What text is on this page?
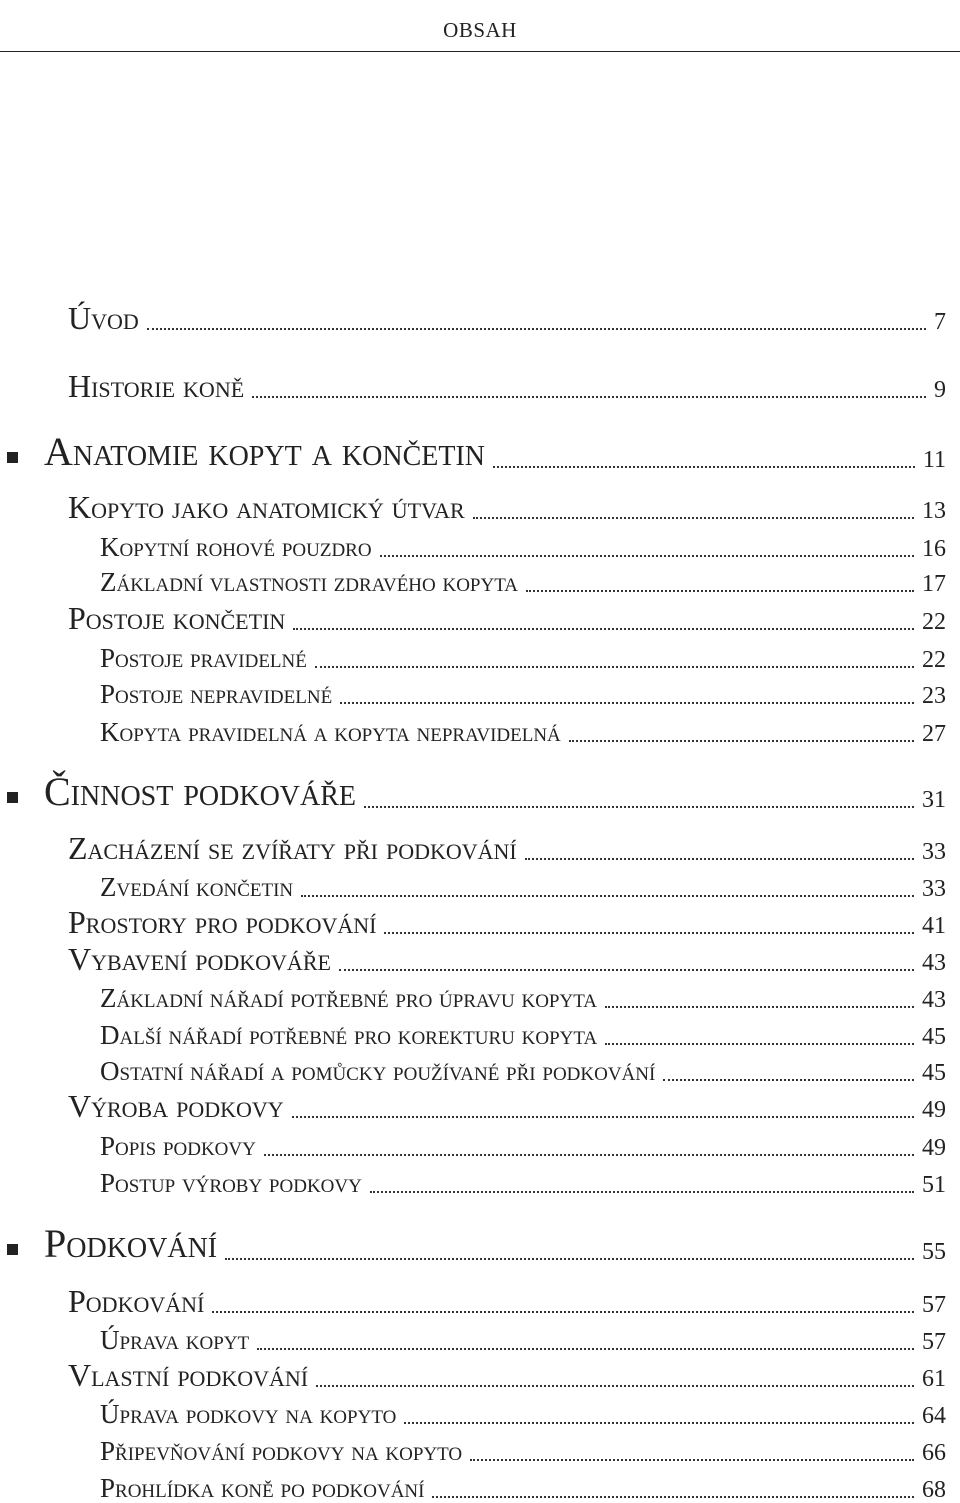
OBSAH
Úvod	7
Historie koně	9
Anatomie kopyt a končetin	11
Kopyto jako anatomický útvar	13
Kopytní rohové pouzdro	16
Základní vlastnosti zdravého kopyta	17
Postoje končetin	22
Postoje pravidelné	22
Postoje nepravidelné	23
Kopyta pravidelná a kopyta nepravidelná	27
Činnost podkováře	31
Zacházení se zvířaty při podkování	33
Zvedání končetin	33
Prostory pro podkování	41
Vybavení podkováře	43
Základní nářadí potřebné pro úpravu kopyta	43
Další nářadí potřebné pro korekturu kopyta	45
Ostatní nářadí a pomůcky používané při podkování	45
Výroba podkovy	49
Popis podkovy	49
Postup výroby podkovy	51
Podkování	55
Podkování	57
Úprava kopyt	57
Vlastní podkování	61
Úprava podkovy na kopyto	64
Připevňování podkovy na kopyto	66
Prohlídka koně po podkování	68
